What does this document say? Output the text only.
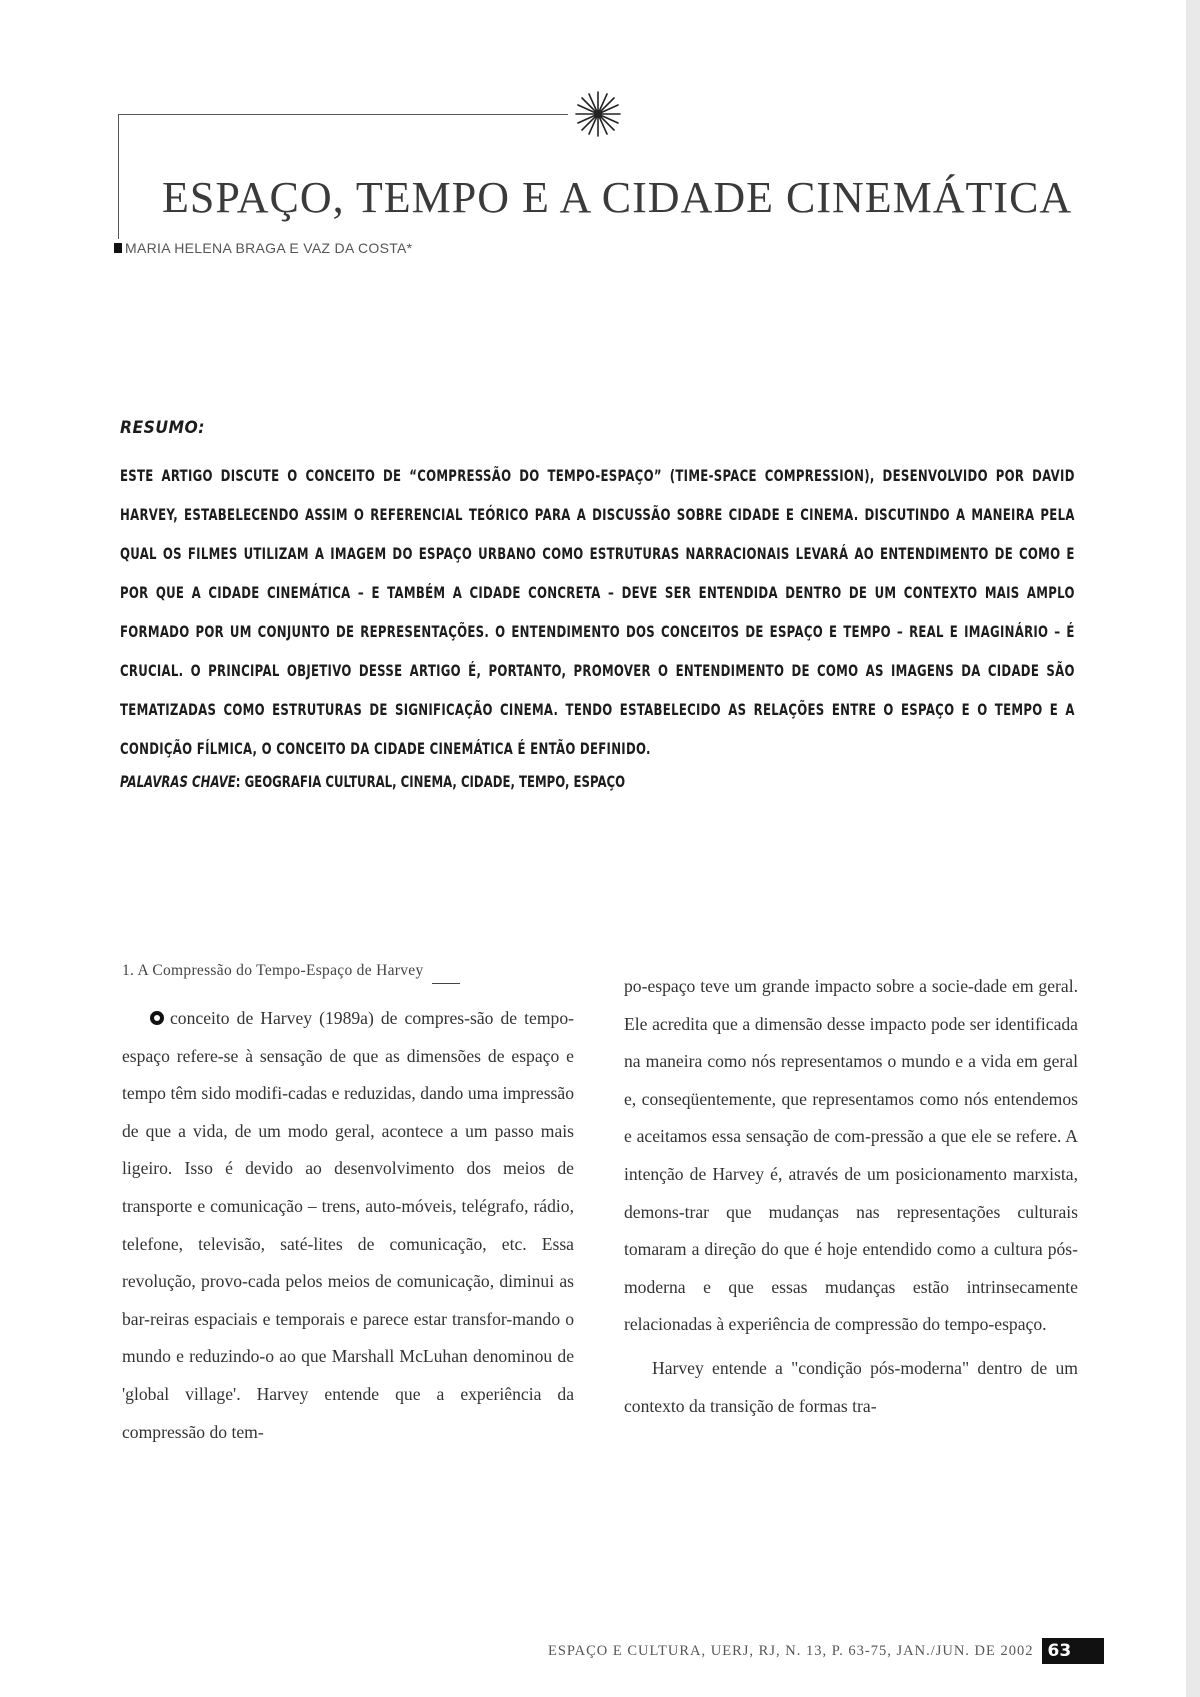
ESPAÇO, TEMPO E A CIDADE CINEMÁTICA
MARIA HELENA BRAGA E VAZ DA COSTA*
RESUMO:
ESTE ARTIGO DISCUTE O CONCEITO DE “COMPRESSÃO DO TEMPO-ESPAÇO” (TIME-SPACE COMPRESSION), DESENVOLVIDO POR DAVID HARVEY, ESTABELECENDO ASSIM O REFERENCIAL TEÓRICO PARA A DISCUSSÃO SOBRE CIDADE E CINEMA. DISCUTINDO A MANEIRA PELA QUAL OS FILMES UTILIZAM A IMAGEM DO ESPAÇO URBANO COMO ESTRUTURAS NARRACIONAIS LEVARÁ AO ENTENDIMENTO DE COMO E POR QUE A CIDADE CINEMÁTICA – E TAMBÉM A CIDADE CONCRETA – DEVE SER ENTENDIDA DENTRO DE UM CONTEXTO MAIS AMPLO FORMADO POR UM CONJUNTO DE REPRESENTAÇÕES. O ENTENDIMENTO DOS CONCEITOS DE ESPAÇO E TEMPO – REAL E IMAGINÁRIO – É CRUCIAL. O PRINCIPAL OBJETIVO DESSE ARTIGO É, PORTANTO, PROMOVER O ENTENDIMENTO DE COMO AS IMAGENS DA CIDADE SÃO TEMATIZADAS COMO ESTRUTURAS DE SIGNIFICAÇÃO CINEMA. TENDO ESTABELECIDO AS RELAÇÕES ENTRE O ESPAÇO E O TEMPO E A CONDIÇÃO FÍLMICA, O CONCEITO DA CIDADE CINEMÁTICA É ENTÃO DEFINIDO.
PALAVRAS CHAVE: GEOGRAFIA CULTURAL, CINEMA, CIDADE, TEMPO, ESPAÇO
1. A Compressão do Tempo-Espaço de Harvey

conceito de Harvey (1989a) de compres-são de tempo-espaço refere-se à sensação de que as dimensões de espaço e tempo têm sido modifi-cadas e reduzidas, dando uma impressão de que a vida, de um modo geral, acontece a um passo mais ligeiro. Isso é devido ao desenvolvimento dos meios de transporte e comunicação – trens, auto-móveis, telégrafo, rádio, telefone, televisão, saté-lites de comunicação, etc. Essa revolução, provo-cada pelos meios de comunicação, diminui as bar-reiras espaciais e temporais e parece estar transfor-mando o mundo e reduzindo-o ao que Marshall McLuhan denominou de 'global village'. Harvey entende que a experiência da compressão do tem-

po-espaço teve um grande impacto sobre a socie-dade em geral. Ele acredita que a dimensão desse impacto pode ser identificada na maneira como nós representamos o mundo e a vida em geral e, conseqüentemente, que representamos como nós entendemos e aceitamos essa sensação de com-pressão a que ele se refere. A intenção de Harvey é, através de um posicionamento marxista, demons-trar que mudanças nas representações culturais tomaram a direção do que é hoje entendido como a cultura pós-moderna e que essas mudanças estão intrinsecamente relacionadas à experiência de compressão do tempo-espaço.

Harvey entende a "condição pós-moderna" dentro de um contexto da transição de formas tra-

ESPAÇO E CULTURA, UERJ, RJ, N. 13, P. 63-75, JAN./JUN. DE 2002 63
